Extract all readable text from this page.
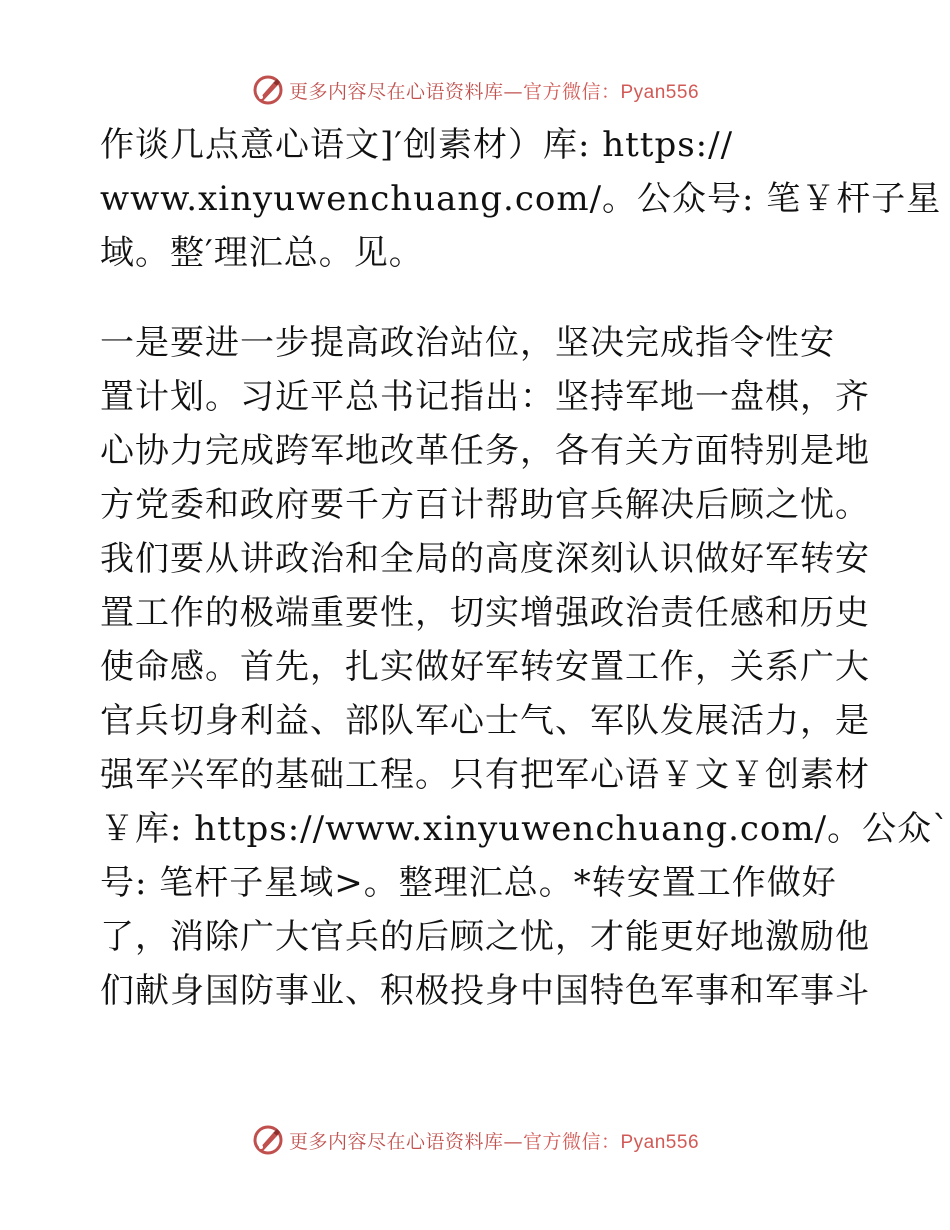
更多内容尽在心语资料库—官方微信：Pyan556
作谈几点意心语文]′创素材）库: https://
www.xinyuwenchuang.com/。公众号: 笔￥杆子星
域。整′理汇总。见。
一是要进一步提高政治站位，坚决完成指令性安
置计划。习近平总书记指出：坚持军地一盘棋，齐
心协力完成跨军地改革任务，各有关方面特别是地
方党委和政府要千方百计帮助官兵解决后顾之忧。
我们要从讲政治和全局的高度深刻认识做好军转安
置工作的极端重要性，切实增强政治责任感和历史
使命感。首先，扎实做好军转安置工作，关系广大
官兵切身利益、部队军心士气、军队发展活力，是
强军兴军的基础工程。只有把军心语￥文￥创素材
￥库: https://www.xinyuwenchuang.com/。公众`
号: 笔杆子星域>。整理汇总。*转安置工作做好
了，消除广大官兵的后顾之忧，才能更好地激励他
们献身国防事业、积极投身中国特色军事和军事斗
更多内容尽在心语资料库—官方微信：Pyan556
